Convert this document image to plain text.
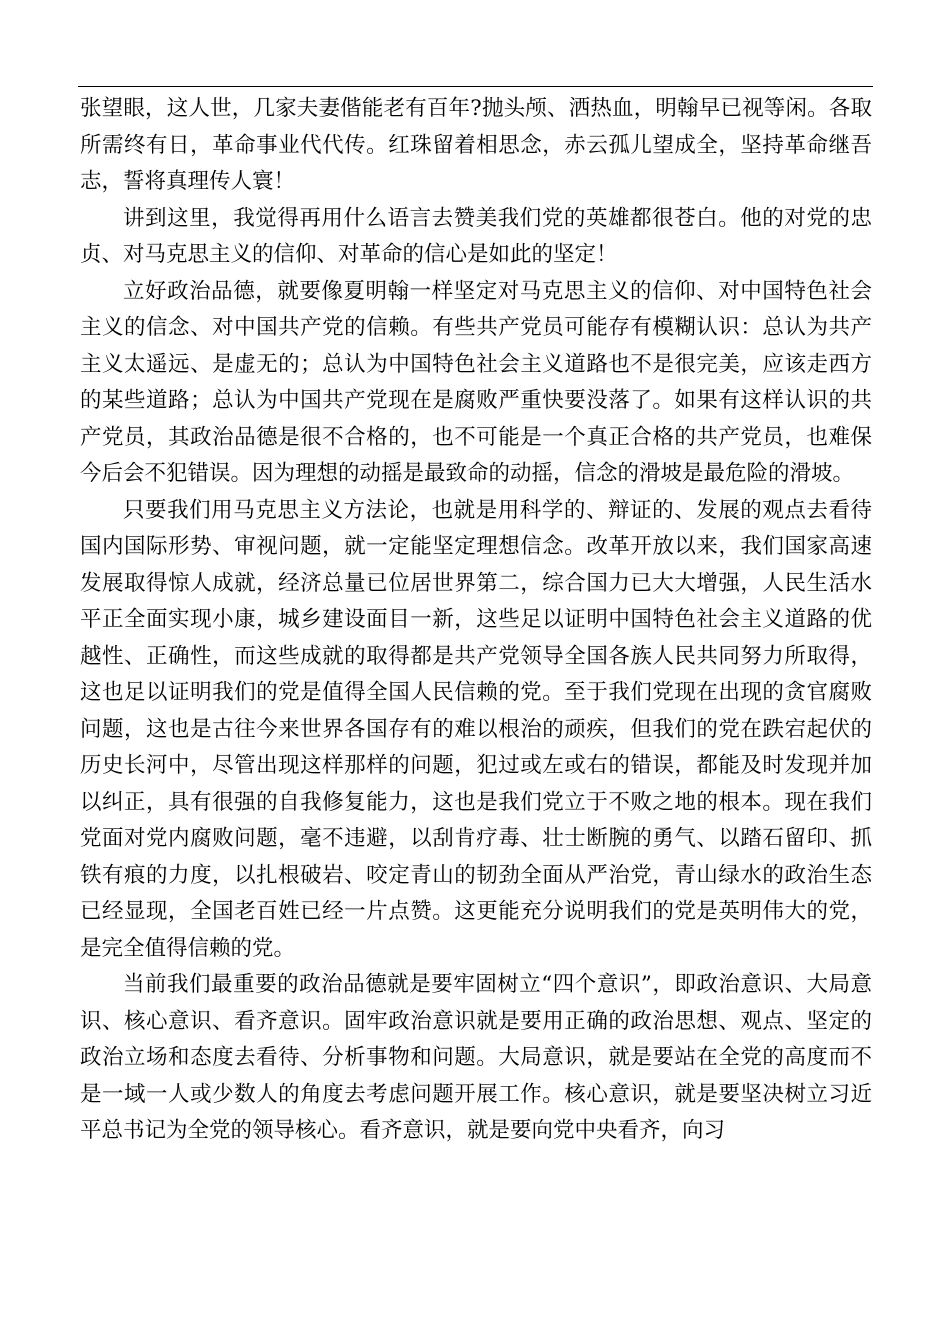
张望眼，这人世，几家夫妻偕能老有百年?抛头颅、洒热血，明翰早已视等闲。各取所需终有日，革命事业代代传。红珠留着相思念，赤云孤儿望成全，坚持革命继吾志，誓将真理传人寰！

讲到这里，我觉得再用什么语言去赞美我们党的英雄都很苍白。他的对党的忠贞、对马克思主义的信仰、对革命的信心是如此的坚定！

立好政治品德，就要像夏明翰一样坚定对马克思主义的信仰、对中国特色社会主义的信念、对中国共产党的信赖。有些共产党员可能存有模糊认识：总认为共产主义太遥远、是虚无的；总认为中国特色社会主义道路也不是很完美，应该走西方的某些道路；总认为中国共产党现在是腐败严重快要没落了。如果有这样认识的共产党员，其政治品德是很不合格的，也不可能是一个真正合格的共产党员，也难保今后会不犯错误。因为理想的动摇是最致命的动摇，信念的滑坡是最危险的滑坡。

只要我们用马克思主义方法论，也就是用科学的、辩证的、发展的观点去看待国内国际形势、审视问题，就一定能坚定理想信念。改革开放以来，我们国家高速发展取得惊人成就，经济总量已位居世界第二，综合国力已大大增强，人民生活水平正全面实现小康，城乡建设面目一新，这些足以证明中国特色社会主义道路的优越性、正确性，而这些成就的取得都是共产党领导全国各族人民共同努力所取得，这也足以证明我们的党是值得全国人民信赖的党。至于我们党现在出现的贪官腐败问题，这也是古往今来世界各国存有的难以根治的顽疾，但我们的党在跌宕起伏的历史长河中，尽管出现这样那样的问题，犯过或左或右的错误，都能及时发现并加以纠正，具有很强的自我修复能力，这也是我们党立于不败之地的根本。现在我们党面对党内腐败问题，毫不违避，以刮肯疗毒、壮士断腕的勇气、以踏石留印、抓铁有痕的力度，以扎根破岩、咬定青山的韧劲全面从严治党，青山绿水的政治生态已经显现，全国老百姓已经一片点赞。这更能充分说明我们的党是英明伟大的党，是完全值得信赖的党。

当前我们最重要的政治品德就是要牢固树立“四个意识”，即政治意识、大局意识、核心意识、看齐意识。固牢政治意识就是要用正确的政治思想、观点、坚定的政治立场和态度去看待、分析事物和问题。大局意识，就是要站在全党的高度而不是一域一人或少数人的角度去考虑问题开展工作。核心意识，就是要坚决树立习近平总书记为全党的领导核心。看齐意识，就是要向党中央看齐，向习
